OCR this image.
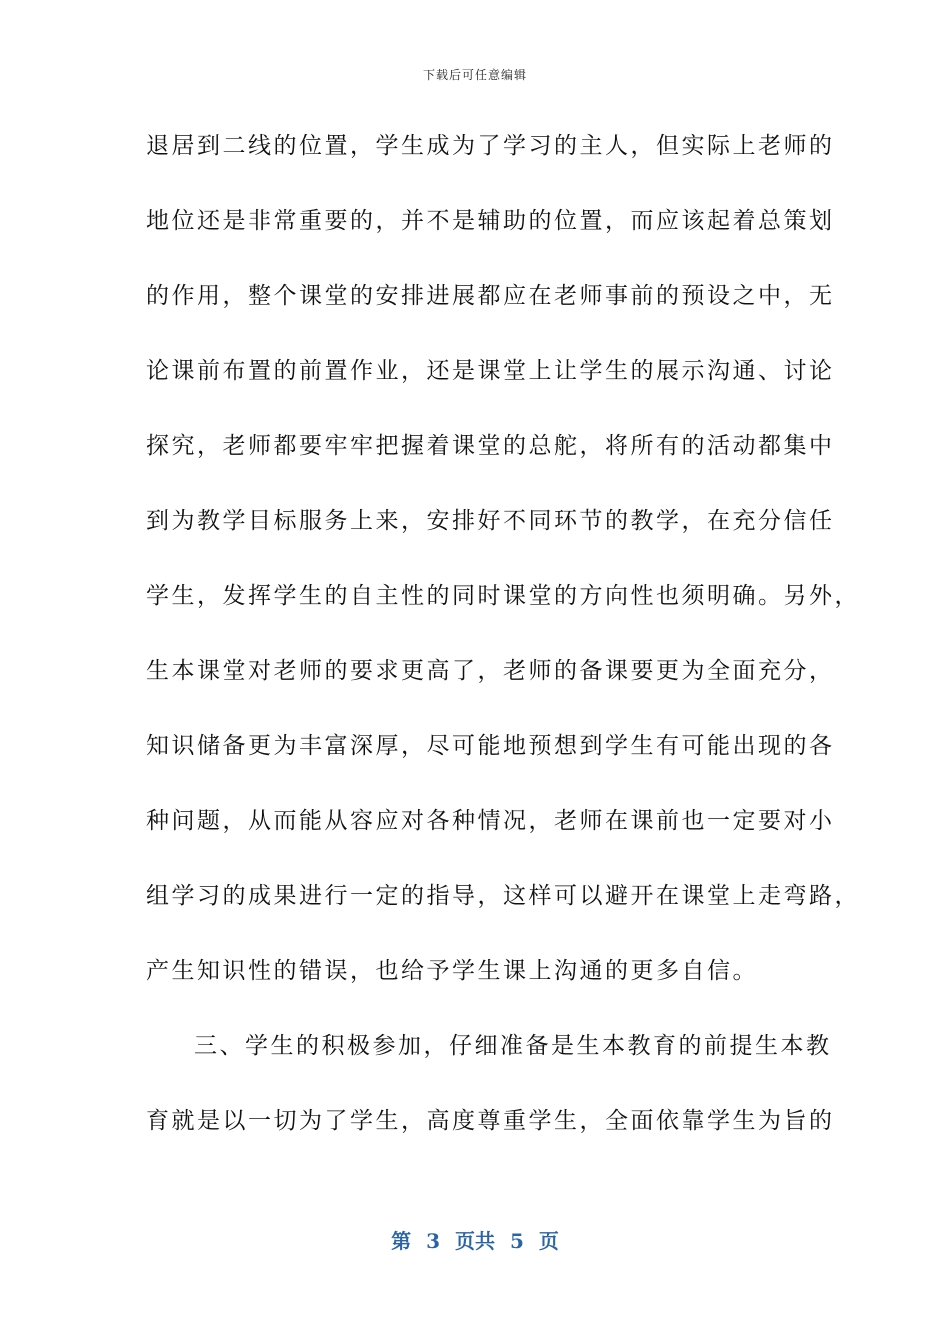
下载后可任意编辑
退居到二线的位置，学生成为了学习的主人，但实际上老师的
地位还是非常重要的，并不是辅助的位置，而应该起着总策划
的作用，整个课堂的安排进展都应在老师事前的预设之中，无
论课前布置的前置作业，还是课堂上让学生的展示沟通、讨论
探究，老师都要牢牢把握着课堂的总舵，将所有的活动都集中
到为教学目标服务上来，安排好不同环节的教学，在充分信任
学生，发挥学生的自主性的同时课堂的方向性也须明确。另外，
生本课堂对老师的要求更高了，老师的备课要更为全面充分，
知识储备更为丰富深厚，尽可能地预想到学生有可能出现的各
种问题，从而能从容应对各种情况，老师在课前也一定要对小
组学习的成果进行一定的指导，这样可以避开在课堂上走弯路，
产生知识性的错误，也给予学生课上沟通的更多自信。
三、学生的积极参加，仔细准备是生本教育的前提生本教
育就是以一切为了学生，高度尊重学生，全面依靠学生为旨的
第 3 页共 5 页
